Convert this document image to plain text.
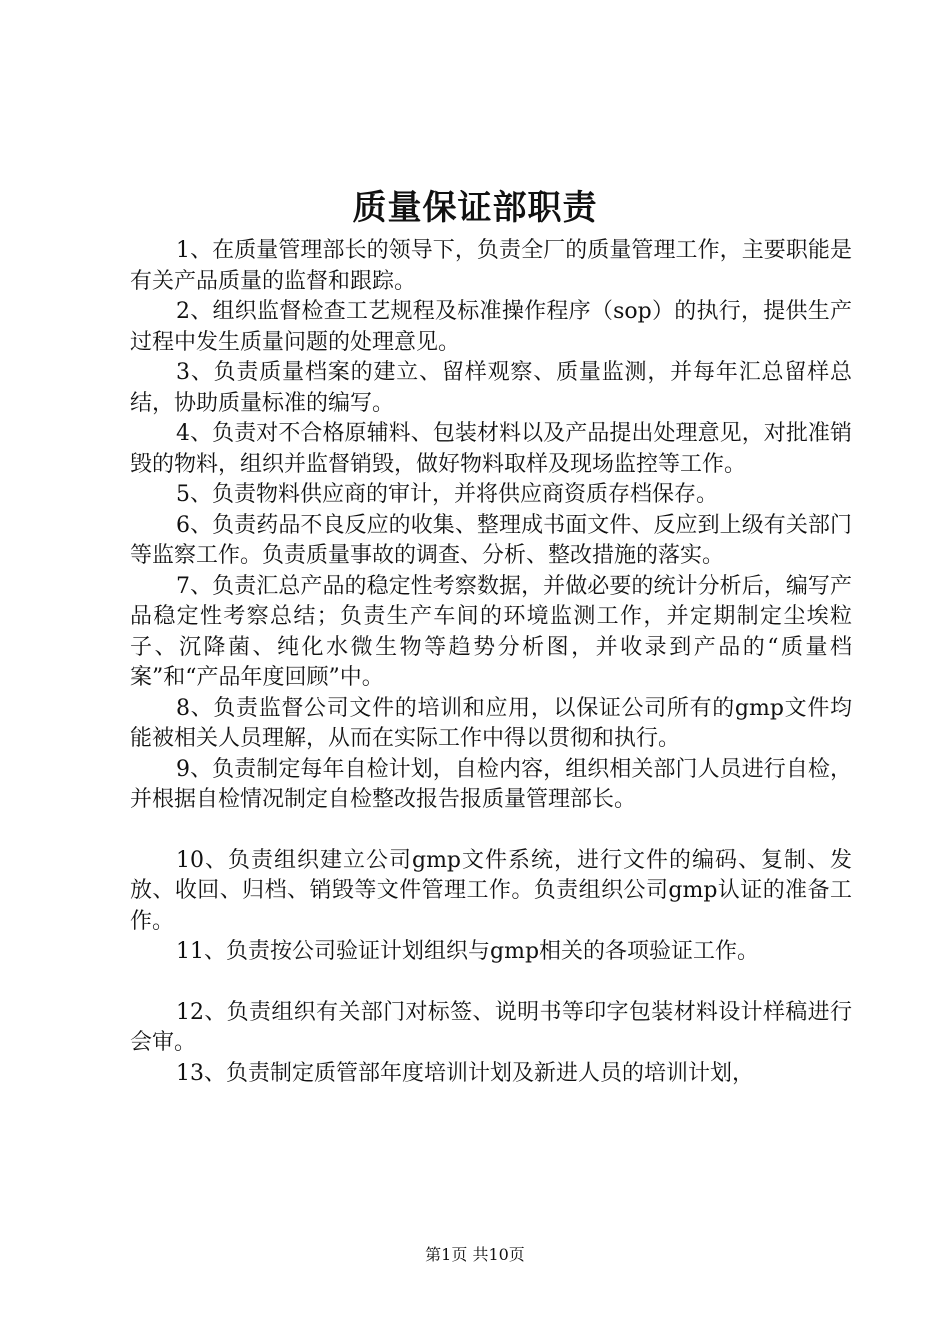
质量保证部职责

1、在质量管理部长的领导下，负责全厂的质量管理工作，主要职能是有关产品质量的监督和跟踪。

2、组织监督检查工艺规程及标准操作程序（sop）的执行，提供生产过程中发生质量问题的处理意见。

3、负责质量档案的建立、留样观察、质量监测，并每年汇总留样总结，协助质量标准的编写。

4、负责对不合格原辅料、包装材料以及产品提出处理意见，对批准销毁的物料，组织并监督销毁，做好物料取样及现场监控等工作。

5、负责物料供应商的审计，并将供应商资质存档保存。

6、负责药品不良反应的收集、整理成书面文件、反应到上级有关部门等监察工作。负责质量事故的调查、分析、整改措施的落实。

7、负责汇总产品的稳定性考察数据，并做必要的统计分析后，编写产品稳定性考察总结；负责生产车间的环境监测工作，并定期制定尘埃粒子、沉降菌、纯化水微生物等趋势分析图，并收录到产品的“质量档案”和“产品年度回顾”中。

8、负责监督公司文件的培训和应用，以保证公司所有的gmp文件均能被相关人员理解，从而在实际工作中得以贯彻和执行。

9、负责制定每年自检计划，自检内容，组织相关部门人员进行自检，并根据自检情况制定自检整改报告报质量管理部长。

10、负责组织建立公司gmp文件系统，进行文件的编码、复制、发放、收回、归档、销毁等文件管理工作。负责组织公司gmp认证的准备工作。

11、负责按公司验证计划组织与gmp相关的各项验证工作。

12、负责组织有关部门对标签、说明书等印字包装材料设计样稿进行会审。

13、负责制定质管部年度培训计划及新进人员的培训计划，

第1页 共10页
